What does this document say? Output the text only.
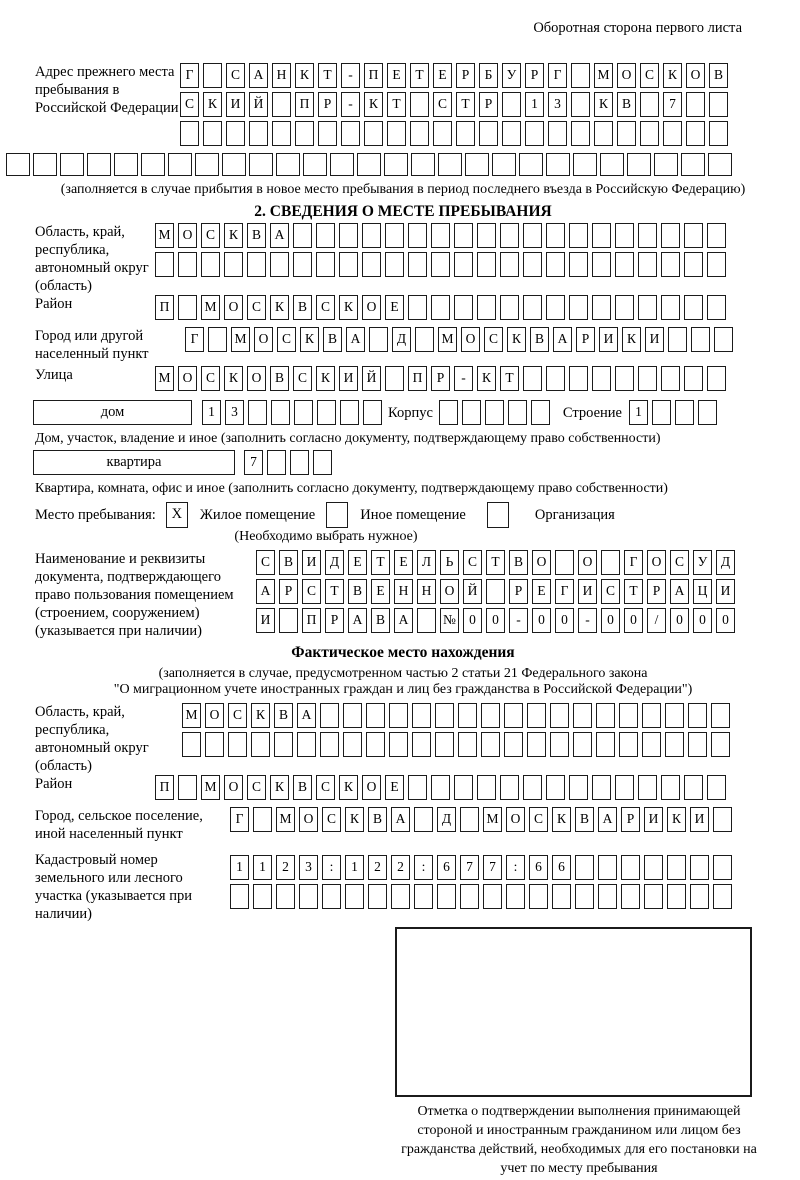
Оборотная сторона первого листа
Адрес прежнего места пребывания в Российской Федерации
Г	С А Н К Т - П Е Т Е Р Б У Р Г	М О С К О В
С К И Й	П Р - К Т	С Т Р	1 3	К В	7

(заполняется в случае прибытия в новое место пребывания в период последнего въезда в Российскую Федерацию)
2. СВЕДЕНИЯ О МЕСТЕ ПРЕБЫВАНИЯ
Область, край, республика, автономный округ (область)
М О С К В А

Район	П	М О С К В С К О Е
Город или другой населенный пункт
Г	М О С К В А	Д	М О С К В А Р И К И
Улица	М О С К О В С К И Й	П Р - К Т
дом	1 3	Корпус
	Строение 1
Дом, участок, владение и иное (заполнить согласно документу, подтверждающему право собственности)
квартира	7
Квартира, комната, офис и иное (заполнить согласно документу, подтверждающему право собственности)
Место пребывания:	X	Жилое помещение	Иное помещение	Организация
(Необходимо выбрать нужное)
Наименование и реквизиты документа, подтверждающего право пользования помещением (строением, сооружением) (указывается при наличии)
С В И Д Е Т Е Л Ь С Т В О	О	Г О С У Д
А Р С Т В Е Н Н О Й	Р Е Г И С Т Р А Ц И
И	П Р А В А	№ 0 0 - 0 0 - 0 0 / 0 0 0
Фактическое место нахождения
(заполняется в случае, предусмотренном частью 2 статьи 21 Федерального закона
"О миграционном учете иностранных граждан и лиц без гражданства в Российской Федерации")
Область, край, республика, автономный округ (область)
М О С К В А

Район	П	М О С К В С К О Е
Город, сельское поселение, иной населенный пункт
Г	М О С К В А	Д	М О С К В А Р И К И
Кадастровый номер земельного или лесного участка (указывается при наличии)
1 1 2 3 : 1 2 2 : 6 7 7 : 6 6

Отметка о подтверждении выполнения принимающей стороной и иностранным гражданином или лицом без гражданства действий, необходимых для его постановки на учет по месту пребывания
